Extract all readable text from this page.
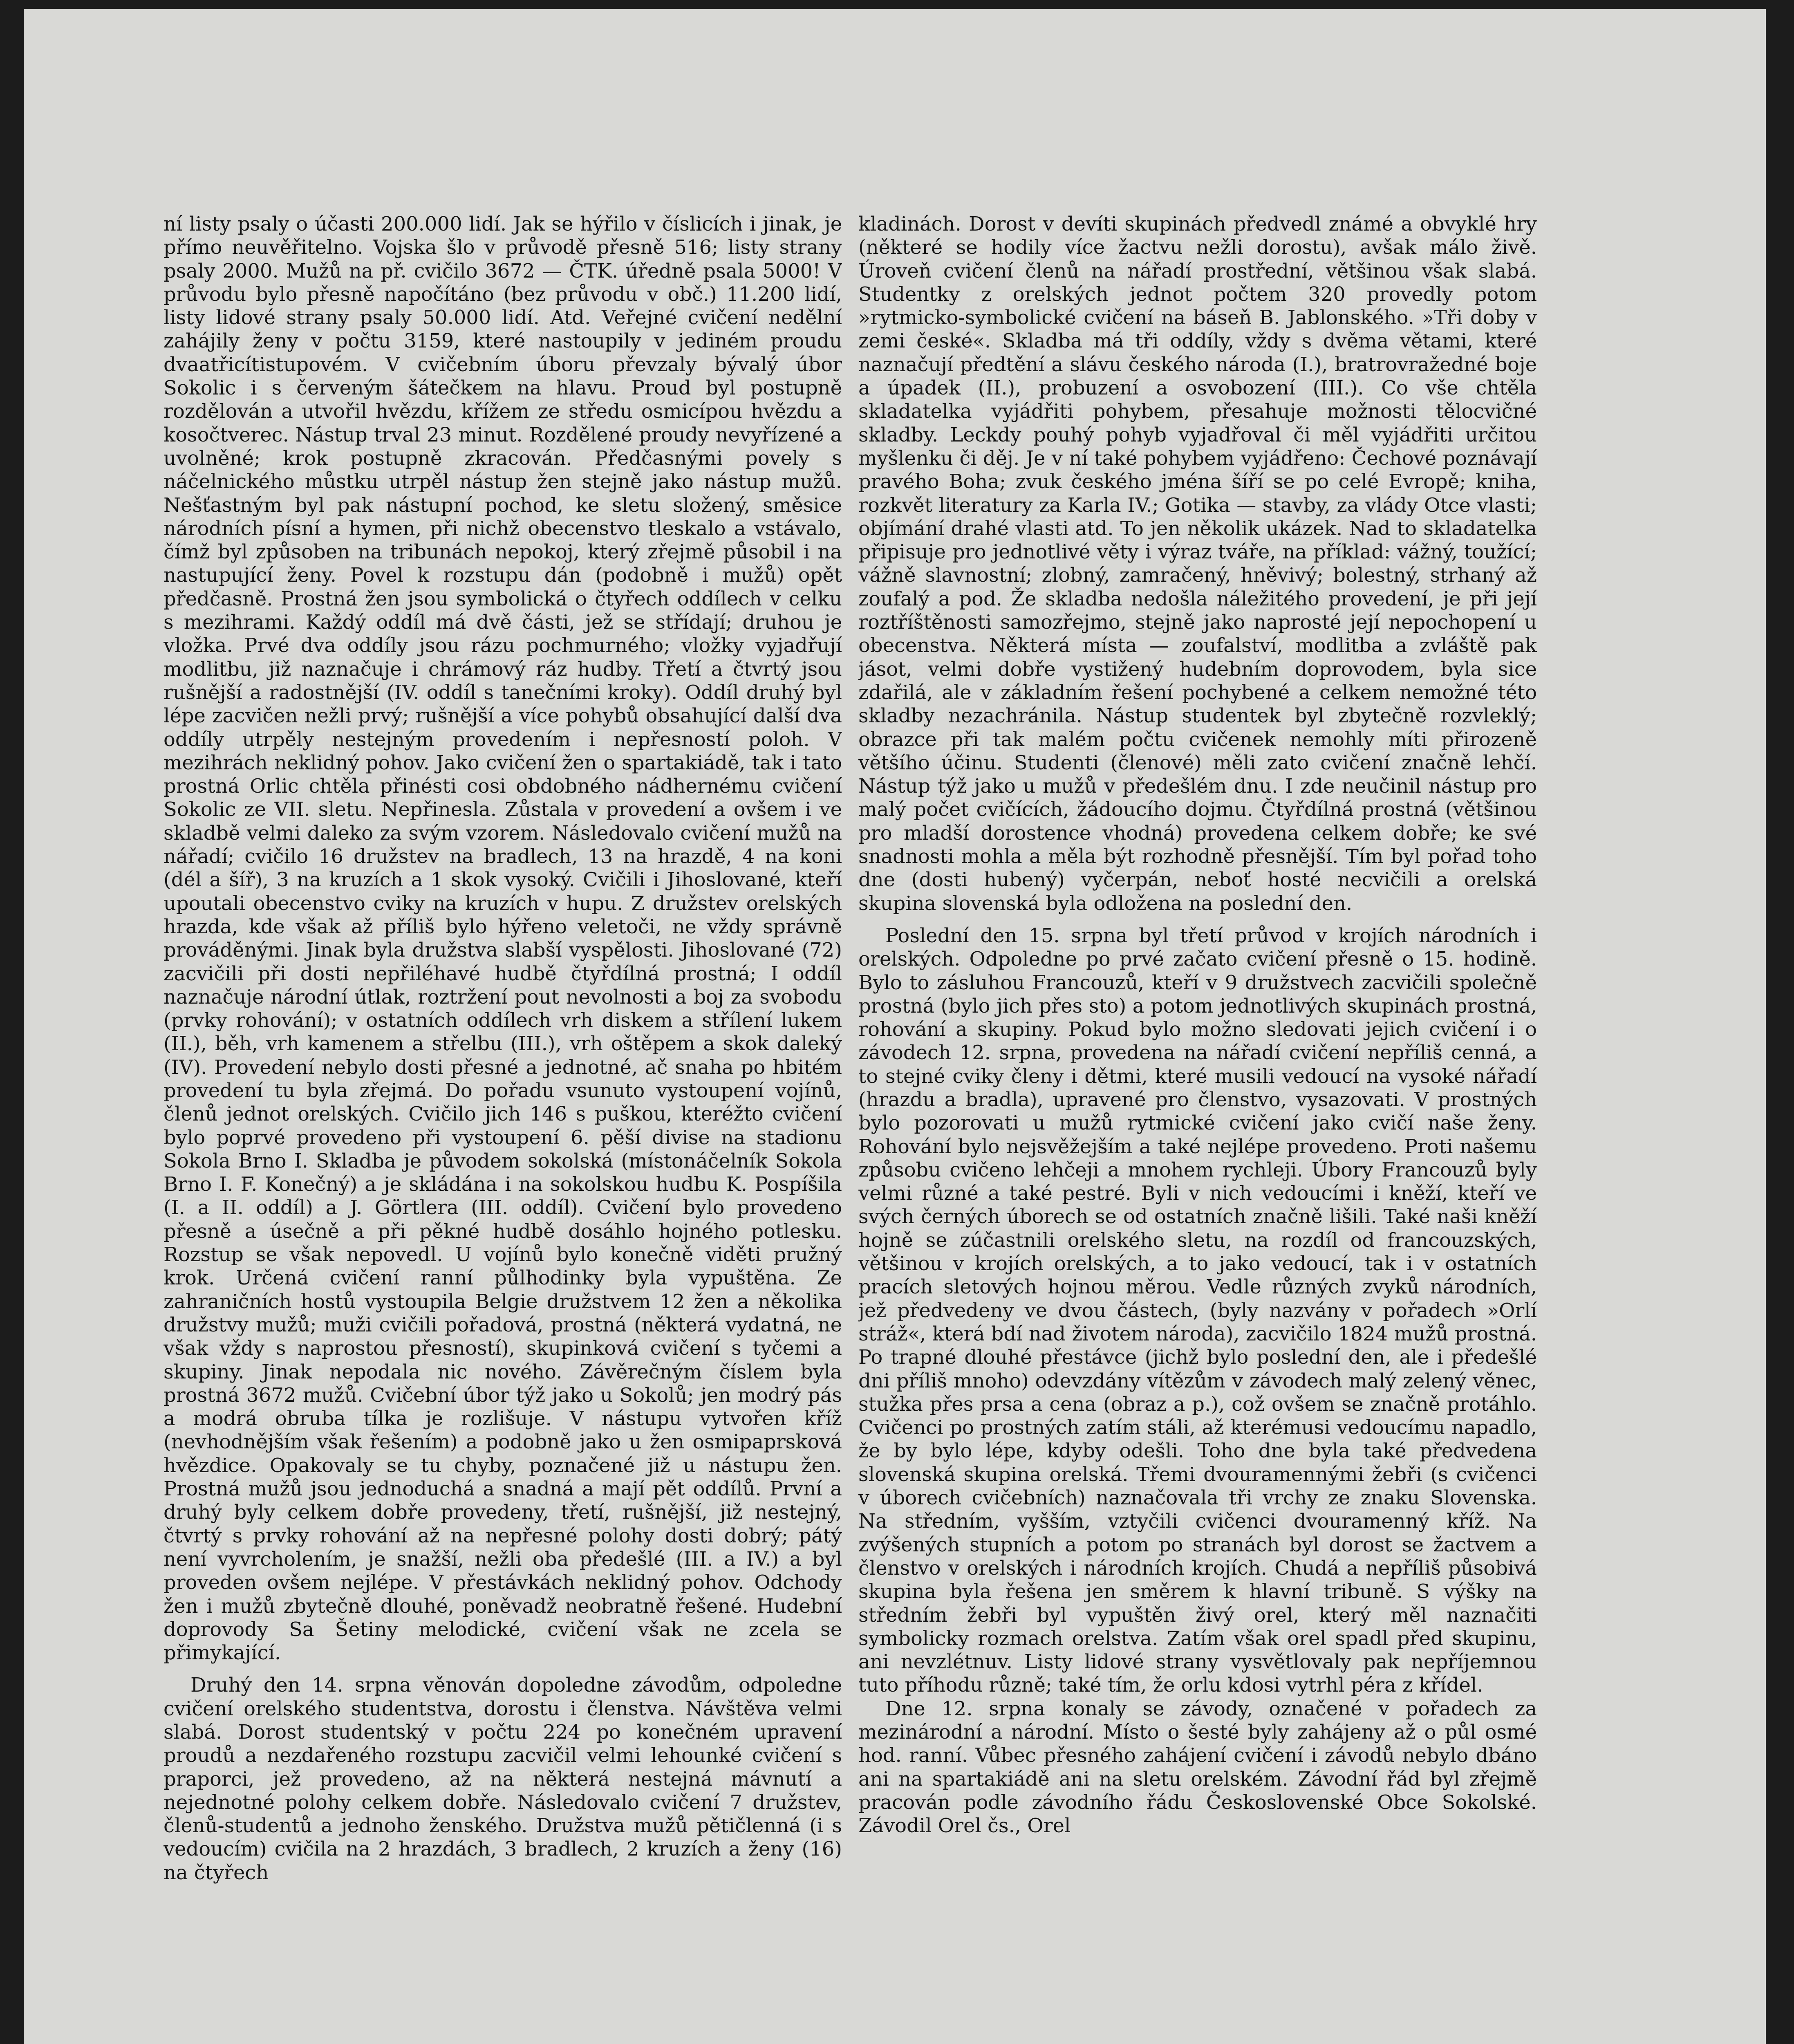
ní listy psaly o účasti 200.000 lidí. Jak se hýřilo v číslicích i jinak, je přímo neuvěřitelno. Vojska šlo v průvodě přesně 516; listy strany psaly 2000. Mužů na př. cvičilo 3672 — ČTK. úředně psala 5000! V průvodu bylo přesně napočítáno (bez průvodu v obč.) 11.200 lidí, listy lidové strany psaly 50.000 lidí. Atd. Veřejné cvičení nedělní zahájily ženy v počtu 3159, které nastoupily v jediném proudu dvaatřicítistupovém. V cvičebním úboru převzaly bývalý úbor Sokolic i s červeným šátečkem na hlavu. Proud byl postupně rozdělován a utvořil hvězdu, křížem ze středu osmicípou hvězdu a kosočtverec. Nástup trval 23 minut. Rozdělené proudy nevyřízené a uvolněné; krok postupně zkracován. Předčasnými povely s náčelnického můstku utrpěl nástup žen stejně jako nástup mužů. Nešťastným byl pak nástupní pochod, ke sletu složený, směsice národních písní a hymen, při nichž obecenstvo tleskalo a vstávalo, čímž byl způsoben na tribunách nepokoj, který zřejmě působil i na nastupující ženy. Povel k rozstupu dán (podobně i mužů) opět předčasně. Prostná žen jsou symbolická o čtyřech oddílech v celku s mezihrami. Každý oddíl má dvě části, jež se střídají; druhou je vložka. Prvé dva oddíly jsou rázu pochmurného; vložky vyjadřují modlitbu, již naznačuje i chrámový ráz hudby. Třetí a čtvrtý jsou rušnější a radostnější (IV. oddíl s tanečními kroky). Oddíl druhý byl lépe zacvičen nežli prvý; rušnější a více pohybů obsahující další dva oddíly utrpěly nestejným provedením i nepřesností poloh. V mezihrách neklidný pohov. Jako cvičení žen o spartakiádě, tak i tato prostná Orlic chtěla přinésti cosi obdobného nádhernému cvičení Sokolic ze VII. sletu. Nepřinesla. Zůstala v provedení a ovšem i ve skladbě velmi daleko za svým vzorem. Následovalo cvičení mužů na nářadí; cvičilo 16 družstev na bradlech, 13 na hrazdě, 4 na koni (dél a šíř), 3 na kruzích a 1 skok vysoký. Cvičili i Jihoslované, kteří upoutali obecenstvo cviky na kruzích v hupu. Z družstev orelských hrazda, kde však až příliš bylo hýřeno veletoči, ne vždy správně prováděnými. Jinak byla družstva slabší vyspělosti. Jihoslované (72) zacvičili při dosti nepřiléhavé hudbě čtyřdílná prostná; I oddíl naznačuje národní útlak, roztržení pout nevolnosti a boj za svobodu (prvky rohování); v ostatních oddílech vrh diskem a střílení lukem (II.), běh, vrh kamenem a střelbu (III.), vrh oštěpem a skok daleký (IV). Provedení nebylo dosti přesné a jednotné, ač snaha po hbitém provedení tu byla zřejmá. Do pořadu vsunuto vystoupení vojínů, členů jednot orelských. Cvičilo jich 146 s puškou, kteréžto cvičení bylo poprvé provedeno při vystoupení 6. pěší divise na stadionu Sokola Brno I. Skladba je původem sokolská (místonáčelník Sokola Brno I. F. Konečný) a je skládána i na sokolskou hudbu K. Pospíšila (I. a II. oddíl) a J. Görtlera (III. oddíl). Cvičení bylo provedeno přesně a úsečně a při pěkné hudbě dosáhlo hojného potlesku. Rozstup se však nepovedl. U vojínů bylo konečně viděti pružný krok. Určená cvičení ranní půlhodinky byla vypuštěna. Ze zahraničních hostů vystoupila Belgie družstvem 12 žen a několika družstvy mužů; muži cvičili pořadová, prostná (některá vydatná, ne však vždy s naprostou přesností), skupinková cvičení s tyčemi a skupiny. Jinak nepodala nic nového. Závěrečným číslem byla prostná 3672 mužů. Cvičební úbor týž jako u Sokolů; jen modrý pás a modrá obruba tílka je rozlišuje. V nástupu vytvořen kříž (nevhodnějším však řešením) a podobně jako u žen osmipaprsková hvězdice. Opakovaly se tu chyby, poznačené již u nástupu žen. Prostná mužů jsou jednoduchá a snadná a mají pět oddílů. První a druhý byly celkem dobře provedeny, třetí, rušnější, již nestejný, čtvrtý s prvky rohování až na nepřesné polohy dosti dobrý; pátý není vyvrcholením, je snažší, nežli oba předešlé (III. a IV.) a byl proveden ovšem nejlépe. V přestávkách neklidný pohov. Odchody žen i mužů zbytečně dlouhé, poněvadž neobratně řešené. Hudební doprovody Sa Šetiny melodické, cvičení však ne zcela se přimykající.

Druhý den 14. srpna věnován dopoledne závodům, odpoledne cvičení orelského studentstva, dorostu i členstva. Návštěva velmi slabá. Dorost studentský v počtu 224 po konečném upravení proudů a nezdařeného rozstupu zacvičil velmi lehounké cvičení s praporci, jež provedeno, až na některá nestejná mávnutí a nejednotné polohy celkem dobře. Následovalo cvičení 7 družstev, členů-studentů a jednoho ženského. Družstva mužů pětičlenná (i s vedoucím) cvičila na 2 hrazdách, 3 bradlech, 2 kruzích a ženy (16) na čtyřech

kladinách. Dorost v devíti skupinách předvedl známé a obvyklé hry (některé se hodily více žactvu nežli dorostu), avšak málo živě. Úroveň cvičení členů na nářadí prostřední, většinou však slabá. Studentky z orelských jednot počtem 320 provedly potom »rytmicko-symbolické cvičení na báseň B. Jablonského. »Tři doby v zemi české«. Skladba má tři oddíly, vždy s dvěma větami, které naznačují předtění a slávu českého národa (I.), bratrovražedné boje a úpadek (II.), probuzení a osvobození (III.). Co vše chtěla skladatelka vyjádřiti pohybem, přesahuje možnosti tělocvičné skladby. Leckdy pouhý pohyb vyjadřoval či měl vyjádřiti určitou myšlenku či děj. Je v ní také pohybem vyjádřeno: Čechové poznávají pravého Boha; zvuk českého jména šíří se po celé Evropě; kniha, rozkvět literatury za Karla IV.; Gotika — stavby, za vlády Otce vlasti; objímání drahé vlasti atd. To jen několik ukázek. Nad to skladatelka připisuje pro jednotlivé věty i výraz tváře, na příklad: vážný, toužící; vážně slavnostní; zlobný, zamračený, hněvivý; bolestný, strhaný až zoufalý a pod. Že skladba nedošla náležitého provedení, je při její roztříštěnosti samozřejmo, stejně jako naprosté její nepochopení u obecenstva. Některá místa — zoufalství, modlitba a zvláště pak jásot, velmi dobře vystižený hudebním doprovodem, byla sice zdařilá, ale v základním řešení pochybené a celkem nemožné této skladby nezachránila. Nástup studentek byl zbytečně rozvleklý; obrazce při tak malém počtu cvičenek nemohly míti přirozeně většího účinu. Studenti (členové) měli zato cvičení značně lehčí. Nástup týž jako u mužů v předešlém dnu. I zde neučinil nástup pro malý počet cvičících, žádoucího dojmu. Čtyřdílná prostná (většinou pro mladší dorostence vhodná) provedena celkem dobře; ke své snadnosti mohla a měla být rozhodně přesnější. Tím byl pořad toho dne (dosti hubený) vyčerpán, neboť hosté necvičili a orelská skupina slovenská byla odložena na poslední den.

Poslední den 15. srpna byl třetí průvod v krojích národních i orelských. Odpoledne po prvé začato cvičení přesně o 15. hodině. Bylo to zásluhou Francouzů, kteří v 9 družstvech zacvičili společně prostná (bylo jich přes sto) a potom jednotlivých skupinách prostná, rohování a skupiny. Pokud bylo možno sledovati jejich cvičení i o závodech 12. srpna, provedena na nářadí cvičení nepříliš cenná, a to stejné cviky členy i dětmi, které musili vedoucí na vysoké nářadí (hrazdu a bradla), upravené pro členstvo, vysazovati. V prostných bylo pozorovati u mužů rytmické cvičení jako cvičí naše ženy. Rohování bylo nejsvěžejším a také nejlépe provedeno. Proti našemu způsobu cvičeno lehčeji a mnohem rychleji. Úbory Francouzů byly velmi různé a také pestré. Byli v nich vedoucími i kněží, kteří ve svých černých úborech se od ostatních značně lišili. Také naši kněží hojně se zúčastnili orelského sletu, na rozdíl od francouzských, většinou v krojích orelských, a to jako vedoucí, tak i v ostatních pracích sletových hojnou měrou. Vedle různých zvyků národních, jež předvedeny ve dvou částech, (byly nazvány v pořadech »Orlí stráž«, která bdí nad životem národa), zacvičilo 1824 mužů prostná. Po trapné dlouhé přestávce (jichž bylo poslední den, ale i předešlé dni příliš mnoho) odevzdány vítězům v závodech malý zelený věnec, stužka přes prsa a cena (obraz a p.), což ovšem se značně protáhlo. Cvičenci po prostných zatím stáli, až kterémusi vedoucímu napadlo, že by bylo lépe, kdyby odešli. Toho dne byla také předvedena slovenská skupina orelská. Třemi dvouramennými žebři (s cvičenci v úborech cvičebních) naznačovala tři vrchy ze znaku Slovenska. Na středním, vyšším, vztyčili cvičenci dvouramenný kříž. Na zvýšených stupních a potom po stranách byl dorost se žactvem a členstvo v orelských i národních krojích. Chudá a nepříliš působivá skupina byla řešena jen směrem k hlavní tribuně. S výšky na středním žebři byl vypuštěn živý orel, který měl naznačiti symbolicky rozmach orelstva. Zatím však orel spadl před skupinu, ani nevzlétnuv. Listy lidové strany vysvětlovaly pak nepříjemnou tuto příhodu různě; také tím, že orlu kdosi vytrhl péra z křídel.

Dne 12. srpna konaly se závody, označené v pořadech za mezinárodní a národní. Místo o šesté byly zahájeny až o půl osmé hod. ranní. Vůbec přesného zahájení cvičení i závodů nebylo dbáno ani na spartakiádě ani na sletu orelském. Závodní řád byl zřejmě pracován podle závodního řádu Československé Obce Sokolské. Závodil Orel čs., Orel
